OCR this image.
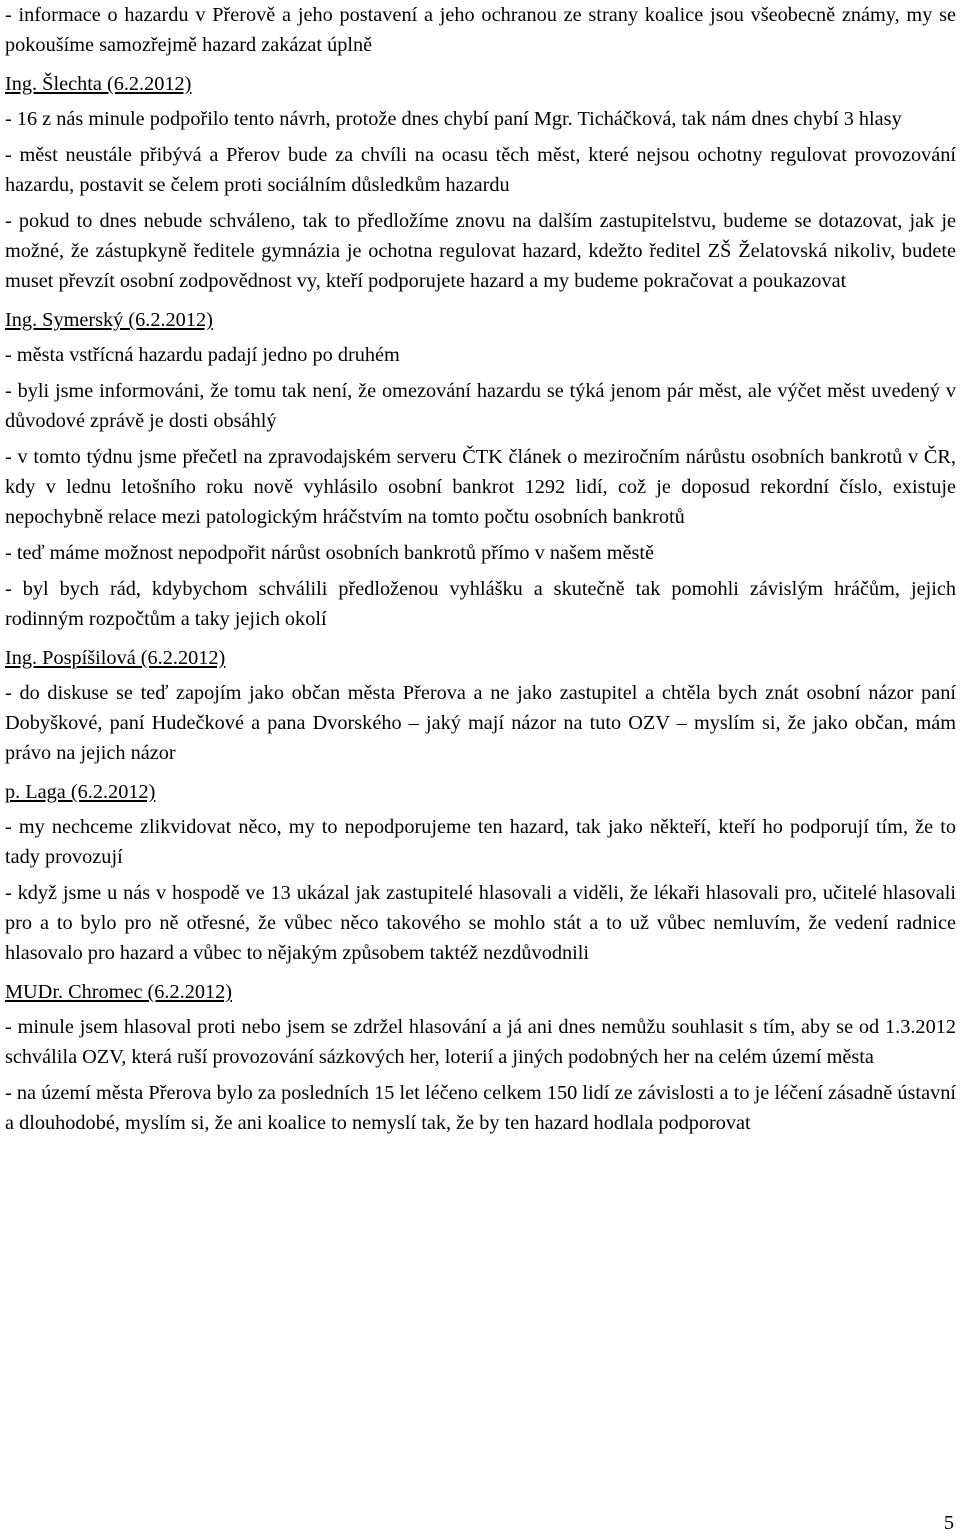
- informace o hazardu v Přerově a jeho postavení a jeho ochranou ze strany koalice jsou všeobecně známy, my se pokoušíme samozřejmě hazard zakázat úplně

Ing. Šlechta (6.2.2012)

- 16 z nás minule podpořilo tento návrh, protože dnes chybí paní Mgr. Ticháčková, tak nám dnes chybí 3 hlasy

- měst neustále přibývá a Přerov bude za chvíli na ocasu těch měst, které nejsou ochotny regulovat provozování hazardu, postavit se čelem proti sociálním důsledkům hazardu

- pokud to dnes nebude schváleno, tak to předložíme znovu na dalším zastupitelstvu, budeme se dotazovat, jak je možné, že zástupkyně ředitele gymnázia je ochotna regulovat hazard, kdežto ředitel ZŠ Želatovská nikoliv, budete muset převzít osobní zodpovědnost vy, kteří podporujete hazard a my budeme pokračovat a poukazovat

Ing. Symerský (6.2.2012)

- města vstřícná hazardu padají jedno po druhém

- byli jsme informováni, že tomu tak není, že omezování hazardu se týká jenom pár měst, ale výčet měst uvedený v důvodové zprávě je dosti obsáhlý

- v tomto týdnu jsme přečetl na zpravodajském serveru ČTK článek o meziročním nárůstu osobních bankrotů v ČR, kdy v lednu letošního roku nově vyhlásilo osobní bankrot 1292 lidí, což je doposud rekordní číslo, existuje nepochybně relace mezi patologickým hráčstvím na tomto počtu osobních bankrotů

- teď máme možnost nepodpořit nárůst osobních bankrotů přímo v našem městě

- byl bych rád, kdybychom schválili předloženou vyhlášku a skutečně tak pomohli závislým hráčům, jejich rodinným rozpočtům a taky jejich okolí

Ing. Pospíšilová (6.2.2012)

- do diskuse se teď zapojím jako občan města Přerova a ne jako zastupitel a chtěla bych znát osobní názor paní Dobyškové, paní Hudečkové a pana Dvorského – jaký mají názor na tuto OZV – myslím si, že jako občan, mám právo na jejich názor

p. Laga (6.2.2012)

- my nechceme zlikvidovat něco, my to nepodporujeme ten hazard, tak jako někteří, kteří ho podporují tím, že to tady provozují

- když jsme u nás v hospodě ve 13 ukázal jak zastupitelé hlasovali a viděli, že lékaři hlasovali pro, učitelé hlasovali pro a to bylo pro ně otřesné, že vůbec něco takového se mohlo stát a to už vůbec nemluvím, že vedení radnice hlasovalo pro hazard a vůbec to nějakým způsobem taktéž nezdůvodnili

MUDr. Chromec (6.2.2012)

- minule jsem hlasoval proti nebo jsem se zdržel hlasování a já ani dnes nemůžu souhlasit s tím, aby se od 1.3.2012 schválila OZV, která ruší provozování sázkových her, loterií a jiných podobných her na celém území města

- na území města Přerova bylo za posledních 15 let léčeno celkem 150 lidí ze závislosti a to je léčení zásadně ústavní a dlouhodobé, myslím si, že ani koalice to nemyslí tak, že by ten hazard hodlala podporovat

5
